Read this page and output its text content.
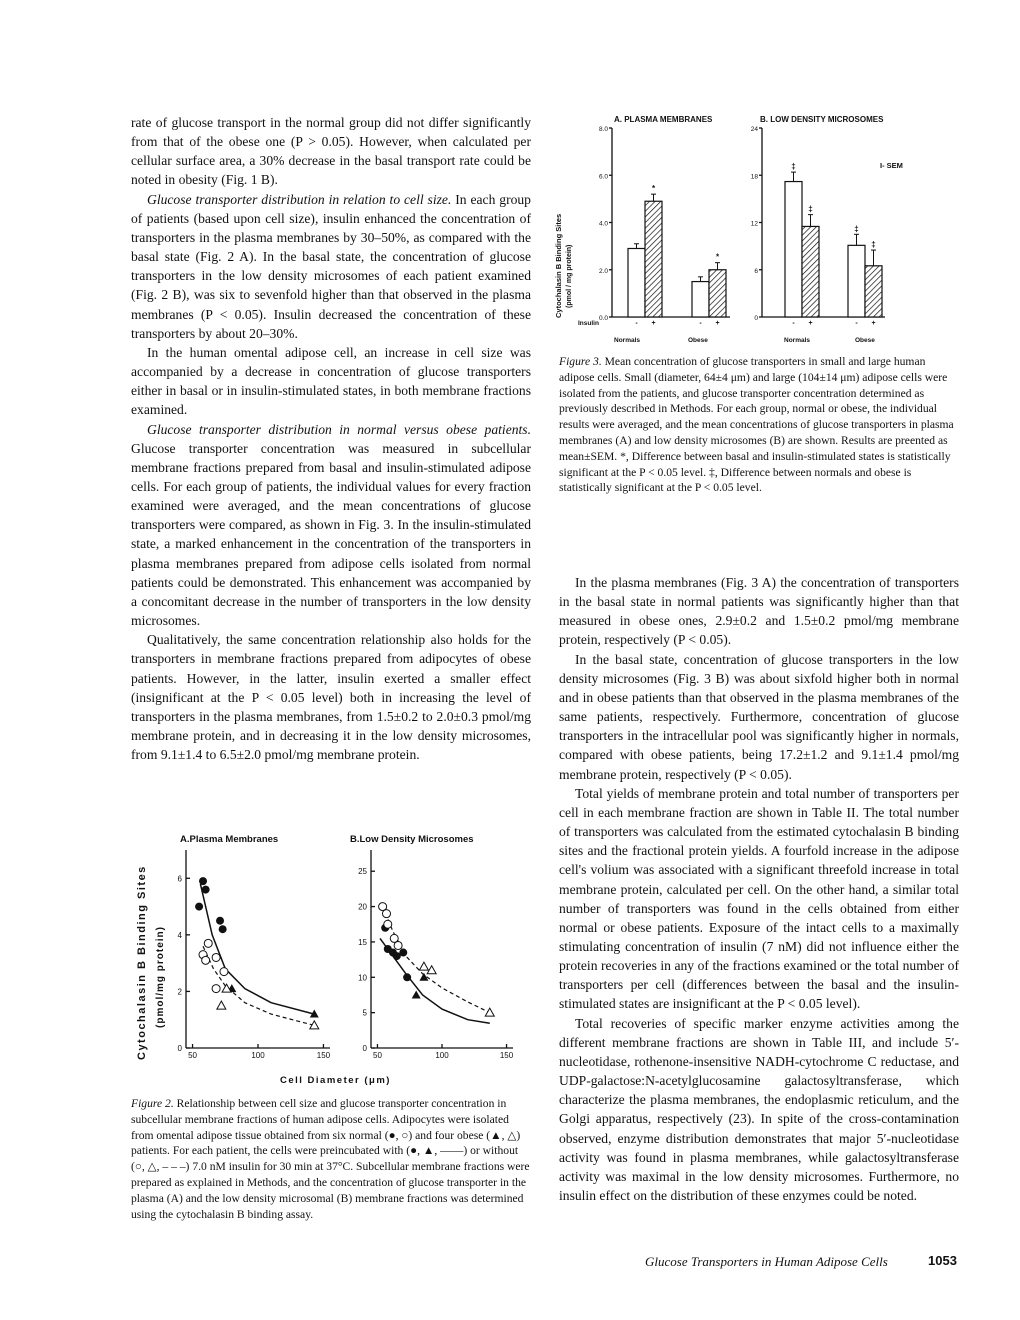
rate of glucose transport in the normal group did not differ significantly from that of the obese one (P > 0.05). However, when calculated per cellular surface area, a 30% decrease in the basal transport rate could be noted in obesity (Fig. 1 B).

Glucose transporter distribution in relation to cell size. In each group of patients (based upon cell size), insulin enhanced the concentration of transporters in the plasma membranes by 30–50%, as compared with the basal state (Fig. 2 A). In the basal state, the concentration of glucose transporters in the low density microsomes of each patient examined (Fig. 2 B), was six to sevenfold higher than that observed in the plasma membranes (P < 0.05). Insulin decreased the concentration of these transporters by about 20–30%.

In the human omental adipose cell, an increase in cell size was accompanied by a decrease in concentration of glucose transporters either in basal or in insulin-stimulated states, in both membrane fractions examined.

Glucose transporter distribution in normal versus obese patients. Glucose transporter concentration was measured in subcellular membrane fractions prepared from basal and insulin-stimulated adipose cells. For each group of patients, the individual values for every fraction examined were averaged, and the mean concentrations of glucose transporters were compared, as shown in Fig. 3. In the insulin-stimulated state, a marked enhancement in the concentration of the transporters in plasma membranes prepared from adipose cells isolated from normal patients could be demonstrated. This enhancement was accompanied by a concomitant decrease in the number of transporters in the low density microsomes.

Qualitatively, the same concentration relationship also holds for the transporters in membrane fractions prepared from adipocytes of obese patients. However, in the latter, insulin exerted a smaller effect (insignificant at the P < 0.05 level) both in increasing the level of transporters in the plasma membranes, from 1.5±0.2 to 2.0±0.3 pmol/mg membrane protein, and in decreasing it in the low density microsomes, from 9.1±1.4 to 6.5±2.0 pmol/mg membrane protein.

Cytochalasin B Binding Sites (pmol / mg protein)
A. PLASMA MEMBRANES	B. LOW DENSITY MICROSOMES
I- SEM
0.0
2.0
4.0
6.0
8.0
0
6
12
18
24
*
*
‡
‡
‡
‡
Insulin	- +	- +	- +	- +
Normals	Obese	Normals	Obese

Figure 3. Mean concentration of glucose transporters in small and large human adipose cells. Small (diameter, 64±4 μm) and large (104±14 μm) adipose cells were isolated from the patients, and glucose transporter concentration determined as previously described in Methods. For each group, normal or obese, the individual results were averaged, and the mean concentrations of glucose transporters in plasma membranes (A) and low density microsomes (B) are shown. Results are preented as mean±SEM. *, Difference between basal and insulin-stimulated states is statistically significant at the P < 0.05 level. ‡, Difference between normals and obese is statistically significant at the P < 0.05 level.

In the plasma membranes (Fig. 3 A) the concentration of transporters in the basal state in normal patients was significantly higher than that measured in obese ones, 2.9±0.2 and 1.5±0.2 pmol/mg membrane protein, respectively (P < 0.05).

In the basal state, concentration of glucose transporters in the low density microsomes (Fig. 3 B) was about sixfold higher both in normal and in obese patients than that observed in the plasma membranes of the same patients, respectively. Furthermore, concentration of glucose transporters in the intracellular pool was significantly higher in normals, compared with obese patients, being 17.2±1.2 and 9.1±1.4 pmol/mg membrane protein, respectively (P < 0.05).

Total yields of membrane protein and total number of transporters per cell in each membrane fraction are shown in Table II. The total number of transporters was calculated from the estimated cytochalasin B binding sites and the fractional protein yields. A fourfold increase in the adipose cell's volium was associated with a significant threefold increase in total membrane protein, calculated per cell. On the other hand, a similar total number of transporters was found in the cells obtained from either normal or obese patients. Exposure of the intact cells to a maximally stimulating concentration of insulin (7 nM) did not influence either the protein recoveries in any of the fractions examined or the total number of transporters per cell (differences between the basal and the insulin-stimulated states are insignificant at the P < 0.05 level).

Total recoveries of specific marker enzyme activities among the different membrane fractions are shown in Table III, and include 5′-nucleotidase, rothenone-insensitive NADH-cytochrome C reductase, and UDP-galactose:N-acetylglucosamine galactosyltransferase, which characterize the plasma membranes, the endoplasmic reticulum, and the Golgi apparatus, respectively (23). In spite of the cross-contamination observed, enzyme distribution demonstrates that major 5′-nucleotidase activity was found in plasma membranes, while galactosyltransferase activity was maximal in the low density microsomes. Furthermore, no insulin effect on the distribution of these enzymes could be noted.

Cytochalasin B Binding Sites (pmol/mg protein)
A.Plasma Membranes	B.Low Density Microsomes
0
2
4
6
50	100	150
0
5
10
15
20
25
50	100	150
Cell Diameter (μm)

Figure 2. Relationship between cell size and glucose transporter concentration in subcellular membrane fractions of human adipose cells. Adipocytes were isolated from omental adipose tissue obtained from six normal (●, ○) and four obese (▲, △) patients. For each patient, the cells were preincubated with (●, ▲, ——) or without (○, △, – – –) 7.0 nM insulin for 30 min at 37°C. Subcellular membrane fractions were prepared as explained in Methods, and the concentration of glucose transporter in the plasma (A) and the low density microsomal (B) membrane fractions was determined using the cytochalasin B binding assay.

Glucose Transporters in Human Adipose Cells	1053
